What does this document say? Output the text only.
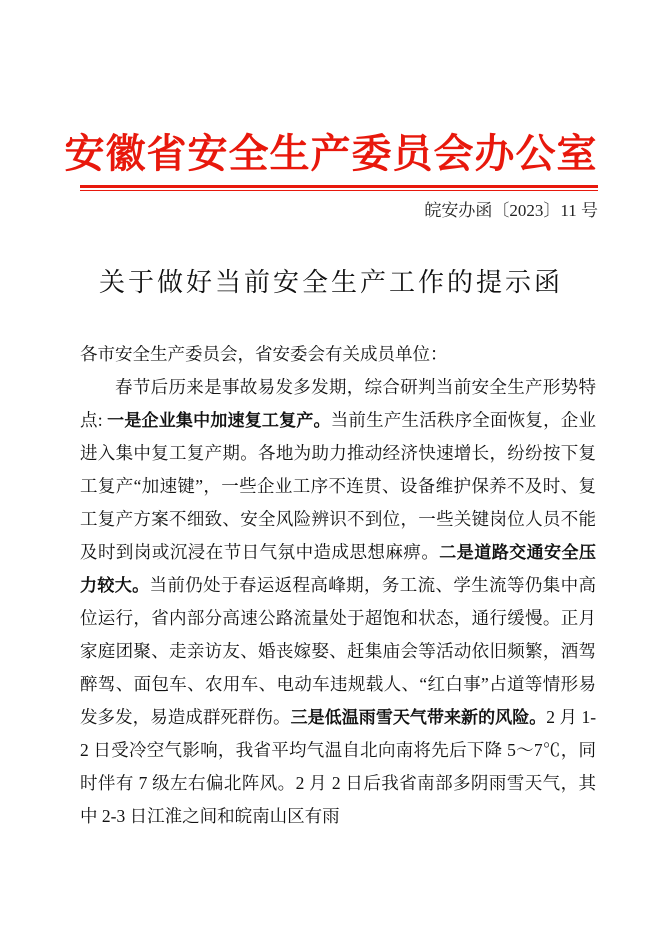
安徽省安全生产委员会办公室
皖安办函〔2023〕11 号
关于做好当前安全生产工作的提示函

各市安全生产委员会，省安委会有关成员单位：

春节后历来是事故易发多发期，综合研判当前安全生产形势特点: 一是企业集中加速复工复产。当前生产生活秩序全面恢复，企业进入集中复工复产期。各地为助力推动经济快速增长，纷纷按下复工复产“加速键”，一些企业工序不连贯、设备维护保养不及时、复工复产方案不细致、安全风险辨识不到位，一些关键岗位人员不能及时到岗或沉浸在节日气氛中造成思想麻痹。二是道路交通安全压力较大。当前仍处于春运返程高峰期，务工流、学生流等仍集中高位运行，省内部分高速公路流量处于超饱和状态，通行缓慢。正月家庭团聚、走亲访友、婚丧嫁娶、赶集庙会等活动依旧频繁，酒驾醉驾、面包车、农用车、电动车违规载人、“红白事”占道等情形易发多发，易造成群死群伤。三是低温雨雪天气带来新的风险。2 月 1-2 日受冷空气影响，我省平均气温自北向南将先后下降 5～7℃，同时伴有 7 级左右偏北阵风。2 月 2 日后我省南部多阴雨雪天气，其中 2-3 日江淮之间和皖南山区有雨
